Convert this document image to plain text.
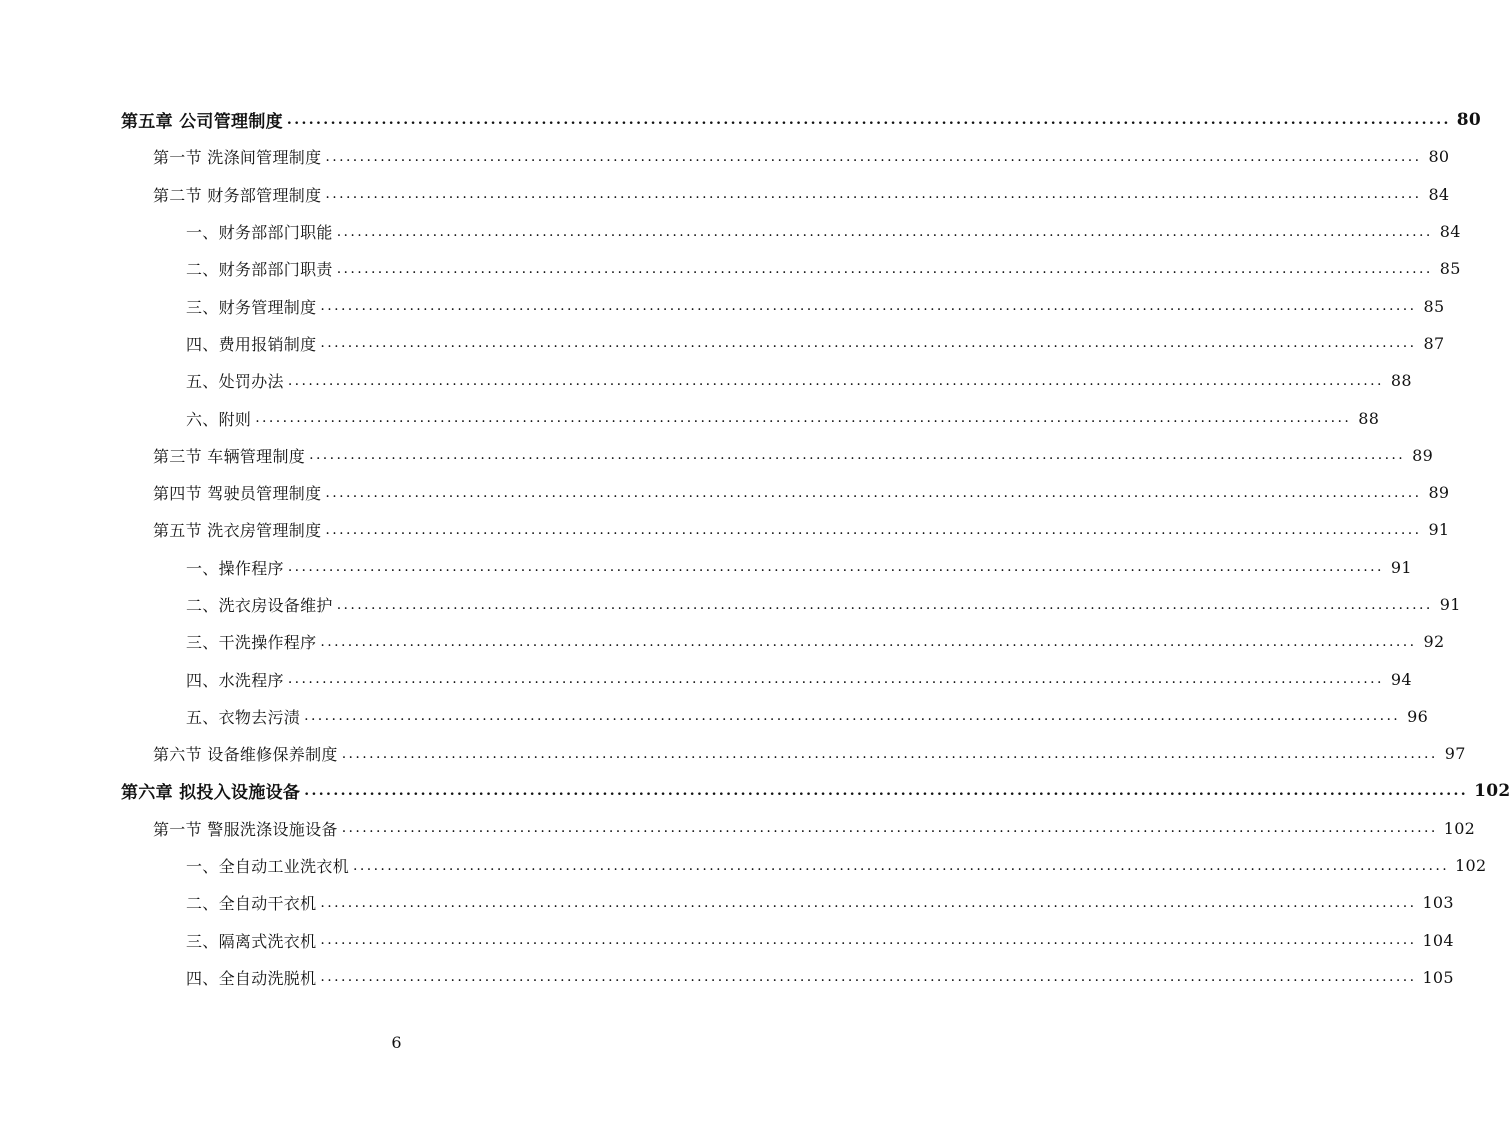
第五章 公司管理制度 ................................................................................................................................................................ 80
第一节 洗涤间管理制度 ................................................................................................................................................................ 80
第二节 财务部管理制度 ................................................................................................................................................................ 84
一、财务部部门职能 ................................................................................................................................................................ 84
二、财务部部门职责 ................................................................................................................................................................ 85
三、财务管理制度 ................................................................................................................................................................ 85
四、费用报销制度 ................................................................................................................................................................ 87
五、处罚办法 ................................................................................................................................................................ 88
六、附则 ................................................................................................................................................................ 88
第三节 车辆管理制度 ................................................................................................................................................................ 89
第四节 驾驶员管理制度 ................................................................................................................................................................ 89
第五节 洗衣房管理制度 ................................................................................................................................................................ 91
一、操作程序 ................................................................................................................................................................ 91
二、洗衣房设备维护 ................................................................................................................................................................ 91
三、干洗操作程序 ................................................................................................................................................................ 92
四、水洗程序 ................................................................................................................................................................ 94
五、衣物去污渍 ................................................................................................................................................................ 96
第六节 设备维修保养制度 ................................................................................................................................................................ 97
第六章 拟投入设施设备 ................................................................................................................................................................ 102
第一节 警服洗涤设施设备 ................................................................................................................................................................ 102
一、全自动工业洗衣机 ................................................................................................................................................................ 102
二、全自动干衣机 ................................................................................................................................................................ 103
三、隔离式洗衣机 ................................................................................................................................................................ 104
四、全自动洗脱机 ................................................................................................................................................................ 105
6
